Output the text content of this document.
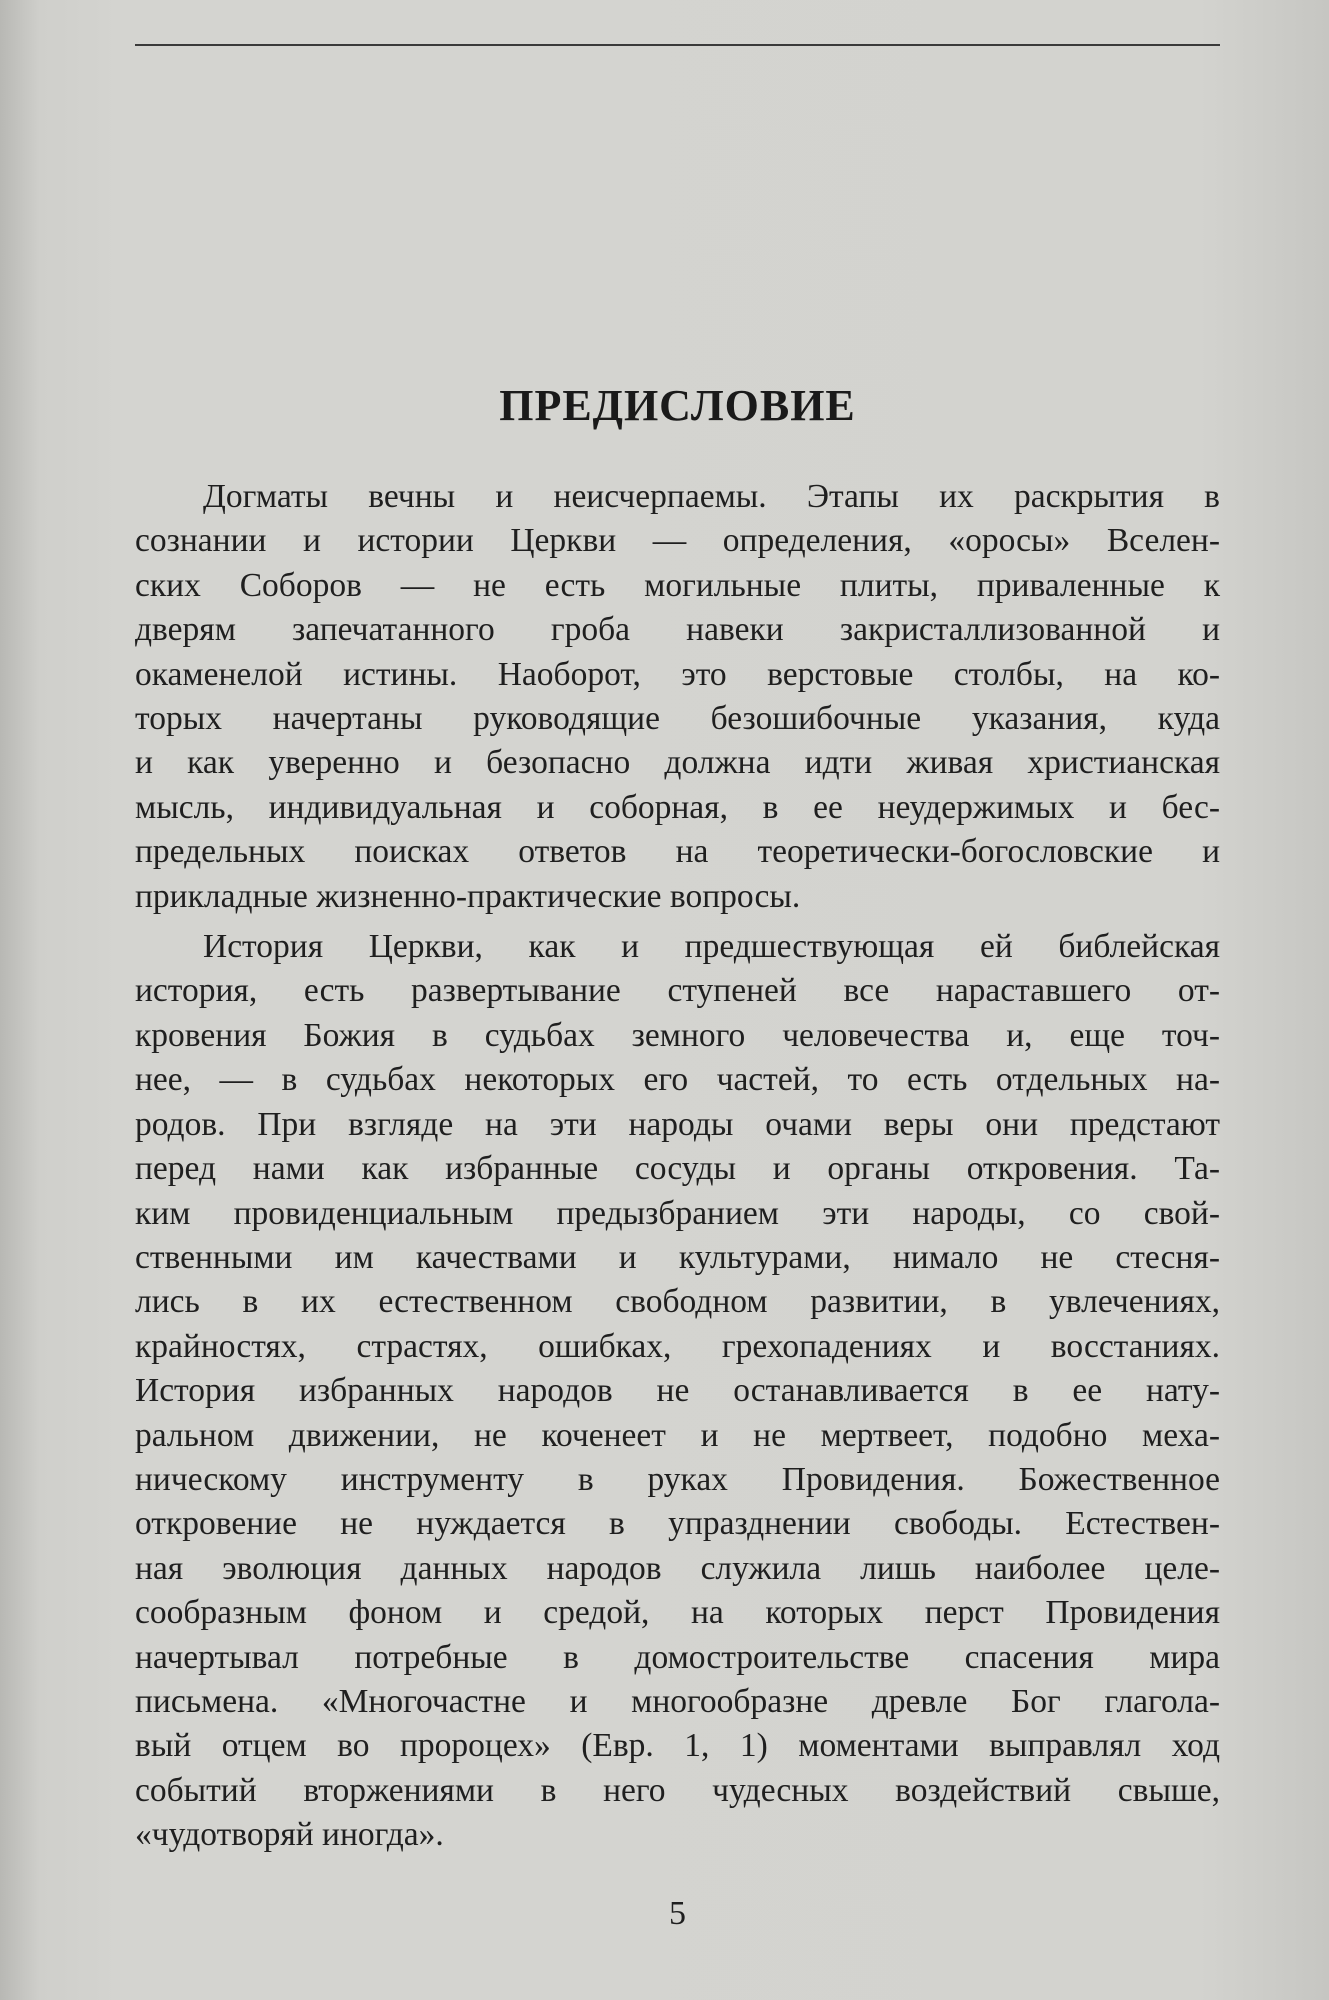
ПРЕДИСЛОВИЕ
Догматы вечны и неисчерпаемы. Этапы их раскрытия в
сознании и истории Церкви — определения, «оросы» Вселен-
ских Соборов — не есть могильные плиты, приваленные к
дверям запечатанного гроба навеки закристаллизованной и
окаменелой истины. Наоборот, это верстовые столбы, на ко-
торых начертаны руководящие безошибочные указания, куда
и как уверенно и безопасно должна идти живая христианская
мысль, индивидуальная и соборная, в ее неудержимых и бес-
предельных поисках ответов на теоретически-богословские и
прикладные жизненно-практические вопросы.
История Церкви, как и предшествующая ей библейская
история, есть развертывание ступеней все нараставшего от-
кровения Божия в судьбах земного человечества и, еще точ-
нее, — в судьбах некоторых его частей, то есть отдельных на-
родов. При взгляде на эти народы очами веры они предстают
перед нами как избранные сосуды и органы откровения. Та-
ким провиденциальным предызбранием эти народы, со свой-
ственными им качествами и культурами, нимало не стесня-
лись в их естественном свободном развитии, в увлечениях,
крайностях, страстях, ошибках, грехопадениях и восстаниях.
История избранных народов не останавливается в ее нату-
ральном движении, не коченеет и не мертвеет, подобно меха-
ническому инструменту в руках Провидения. Божественное
откровение не нуждается в упразднении свободы. Естествен-
ная эволюция данных народов служила лишь наиболее целе-
сообразным фоном и средой, на которых перст Провидения
начертывал потребные в домостроительстве спасения мира
письмена. «Многочастне и многообразне древле Бог глагола-
вый отцем во пророцех» (Евр. 1, 1) моментами выправлял ход
событий вторжениями в него чудесных воздействий свыше,
«чудотворяй иногда».
5
